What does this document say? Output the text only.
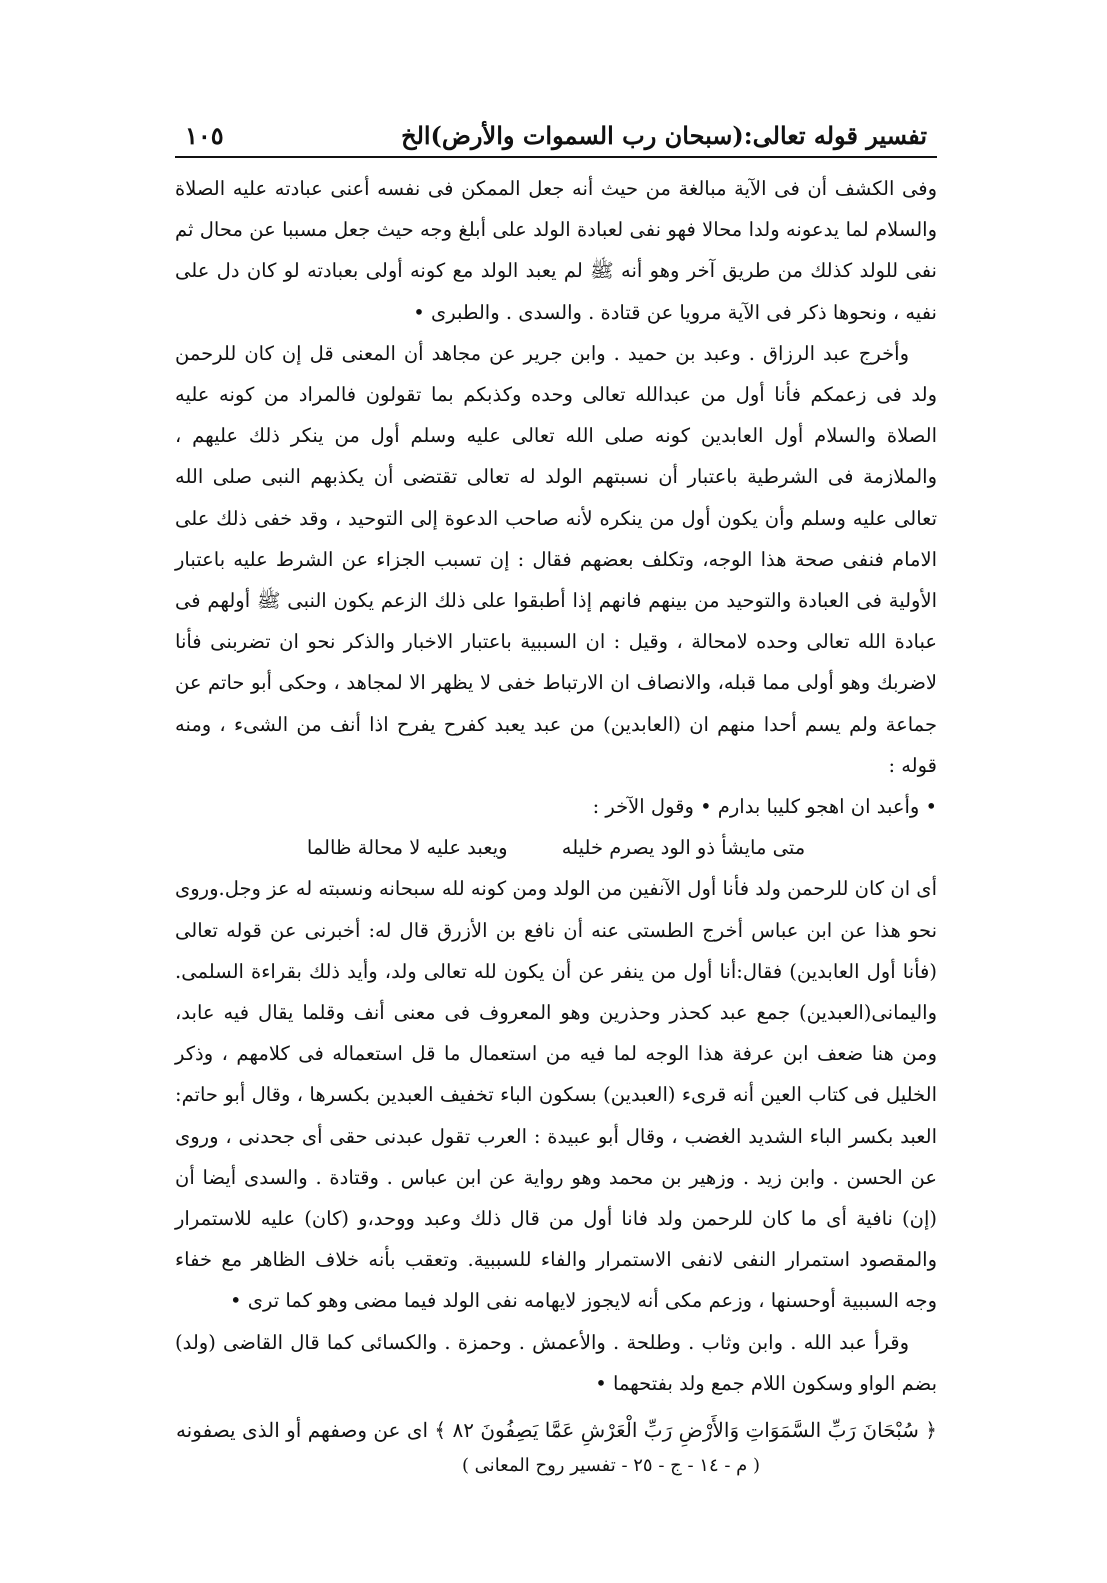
تفسير قوله تعالى:(سبحان رب السموات والأرض)الخ
١٠٥

وفى الكشف أن فى الآية مبالغة من حيث أنه جعل الممكن فى نفسه أعنى عبادته عليه الصلاة والسلام لما يدعونه ولدا محالا فهو نفى لعبادة الولد على أبلغ وجه حيث جعل مسببا عن محال ثم نفى للولد كذلك من طريق آخر وهو أنه ﷺ لم يعبد الولد مع كونه أولى بعبادته لو كان دل على نفيه ، ونحوها ذكر فى الآية مرويا عن قتادة . والسدى . والطبرى •

وأخرج عبد الرزاق . وعبد بن حميد . وابن جرير عن مجاهد أن المعنى قل إن كان للرحمن ولد فى زعمكم فأنا أول من عبدالله تعالى وحده وكذبكم بما تقولون فالمراد من كونه عليه الصلاة والسلام أول العابدين كونه صلى الله تعالى عليه وسلم أول من ينكر ذلك عليهم ، والملازمة فى الشرطية باعتبار أن نسبتهم الولد له تعالى تقتضى أن يكذبهم النبى صلى الله تعالى عليه وسلم وأن يكون أول من ينكره لأنه صاحب الدعوة إلى التوحيد ، وقد خفى ذلك على الامام فنفى صحة هذا الوجه، وتكلف بعضهم فقال : إن تسبب الجزاء عن الشرط عليه باعتبار الأولية فى العبادة والتوحيد من بينهم فانهم إذا أطبقوا على ذلك الزعم يكون النبى ﷺ أولهم فى عبادة الله تعالى وحده لامحالة ، وقيل : ان السببية باعتبار الاخبار والذكر نحو ان تضربنى فأنا لاضربك وهو أولى مما قبله، والانصاف ان الارتباط خفى لا يظهر الا لمجاهد ، وحكى أبو حاتم عن جماعة ولم يسم أحدا منهم ان (العابدين) من عبد يعبد كفرح يفرح اذا أنف من الشىء ، ومنه قوله :

• وأعبد ان اهجو كليبا بدارم • وقول الآخر :

متى مايشأ ذو الود يصرم خليله ويعبد عليه لا محالة ظالما

أى ان كان للرحمن ولد فأنا أول الآنفين من الولد ومن كونه لله سبحانه ونسبته له عز وجل.وروى نحو هذا عن ابن عباس أخرج الطستى عنه أن نافع بن الأزرق قال له: أخبرنى عن قوله تعالى (فأنا أول العابدين) فقال:أنا أول من ينفر عن أن يكون لله تعالى ولد، وأيد ذلك بقراءة السلمى. واليمانى(العبدين) جمع عبد كحذر وحذرين وهو المعروف فى معنى أنف وقلما يقال فيه عابد، ومن هنا ضعف ابن عرفة هذا الوجه لما فيه من استعمال ما قل استعماله فى كلامهم ، وذكر الخليل فى كتاب العين أنه قرىء (العبدين) بسكون الباء تخفيف العبدين بكسرها ، وقال أبو حاتم: العبد بكسر الباء الشديد الغضب ، وقال أبو عبيدة : العرب تقول عبدنى حقى أى جحدنى ، وروى عن الحسن . وابن زيد . وزهير بن محمد وهو رواية عن ابن عباس . وقتادة . والسدى أيضا أن (إن) نافية أى ما كان للرحمن ولد فانا أول من قال ذلك وعبد ووحد،و (كان) عليه للاستمرار والمقصود استمرار النفى لانفى الاستمرار والفاء للسببية. وتعقب بأنه خلاف الظاهر مع خفاء وجه السببية أوحسنها ، وزعم مكى أنه لايجوز لايهامه نفى الولد فيما مضى وهو كما ترى •

وقرأ عبد الله . وابن وثاب . وطلحة . والأعمش . وحمزة . والكسائى كما قال القاضى (ولد) بضم الواو وسكون اللام جمع ولد بفتحهما •

﴿ سُبْحَانَ رَبِّ السَّمَوَاتِ وَالأَرْضِ رَبِّ الْعَرْشِ عَمَّا يَصِفُونَ ٨٢ ﴾ اى عن وصفهم أو الذى يصفونه

( م - ١٤ - ج - ٢٥ - تفسير روح المعانى )
